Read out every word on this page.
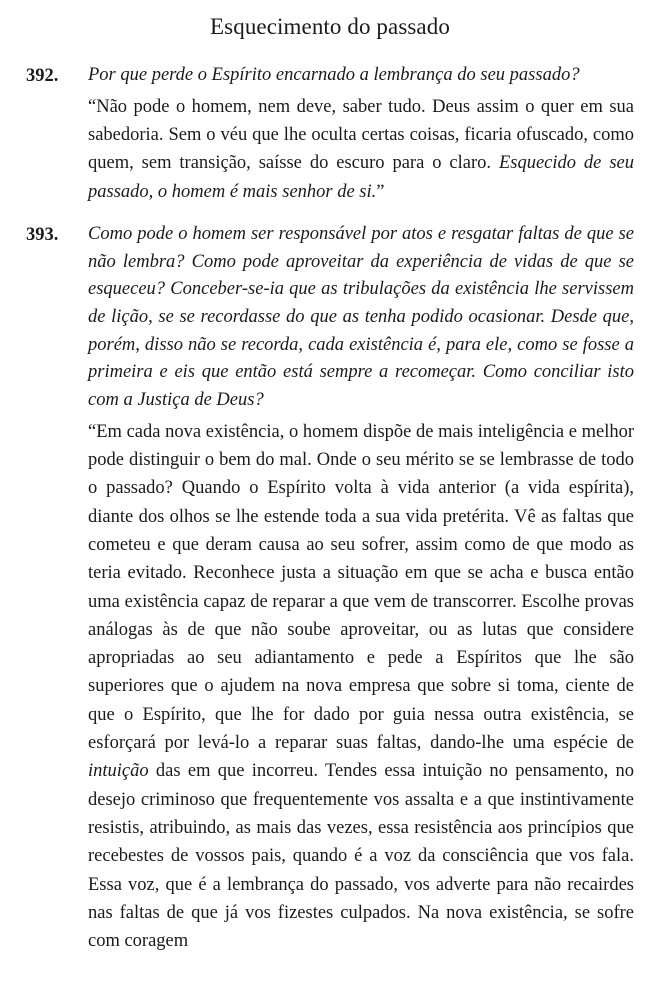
Esquecimento do passado
392. Por que perde o Espírito encarnado a lembrança do seu passado?

“Não pode o homem, nem deve, saber tudo. Deus assim o quer em sua sabedoria. Sem o véu que lhe oculta certas coisas, ficaria ofuscado, como quem, sem transição, saísse do escuro para o claro. Esquecido de seu passado, o homem é mais senhor de si.”

393. Como pode o homem ser responsável por atos e resgatar faltas de que se não lembra? Como pode aproveitar da experiência de vidas de que se esqueceu? Conceber-se-ia que as tribulações da existência lhe servissem de lição, se se recordasse do que as tenha podido ocasionar. Desde que, porém, disso não se recorda, cada existência é, para ele, como se fosse a primeira e eis que então está sempre a recomeçar. Como conciliar isto com a Justiça de Deus?

“Em cada nova existência, o homem dispõe de mais inteligência e melhor pode distinguir o bem do mal. Onde o seu mérito se se lembrasse de todo o passado? Quando o Espírito volta à vida anterior (a vida espírita), diante dos olhos se lhe estende toda a sua vida pretérita. Vê as faltas que cometeu e que deram causa ao seu sofrer, assim como de que modo as teria evitado. Reconhece justa a situação em que se acha e busca então uma existência capaz de reparar a que vem de transcorrer. Escolhe provas análogas às de que não soube aproveitar, ou as lutas que considere apropriadas ao seu adiantamento e pede a Espíritos que lhe são superiores que o ajudem na nova empresa que sobre si toma, ciente de que o Espírito, que lhe for dado por guia nessa outra existência, se esforçará por levá-lo a reparar suas faltas, dando-lhe uma espécie de intuição das em que incorreu. Tendes essa intuição no pensamento, no desejo criminoso que frequentemente vos assalta e a que instintivamente resistis, atribuindo, as mais das vezes, essa resistência aos princípios que recebestes de vossos pais, quando é a voz da consciência que vos fala. Essa voz, que é a lembrança do passado, vos adverte para não recairdes nas faltas de que já vos fizestes culpados. Na nova existência, se sofre com coragem
